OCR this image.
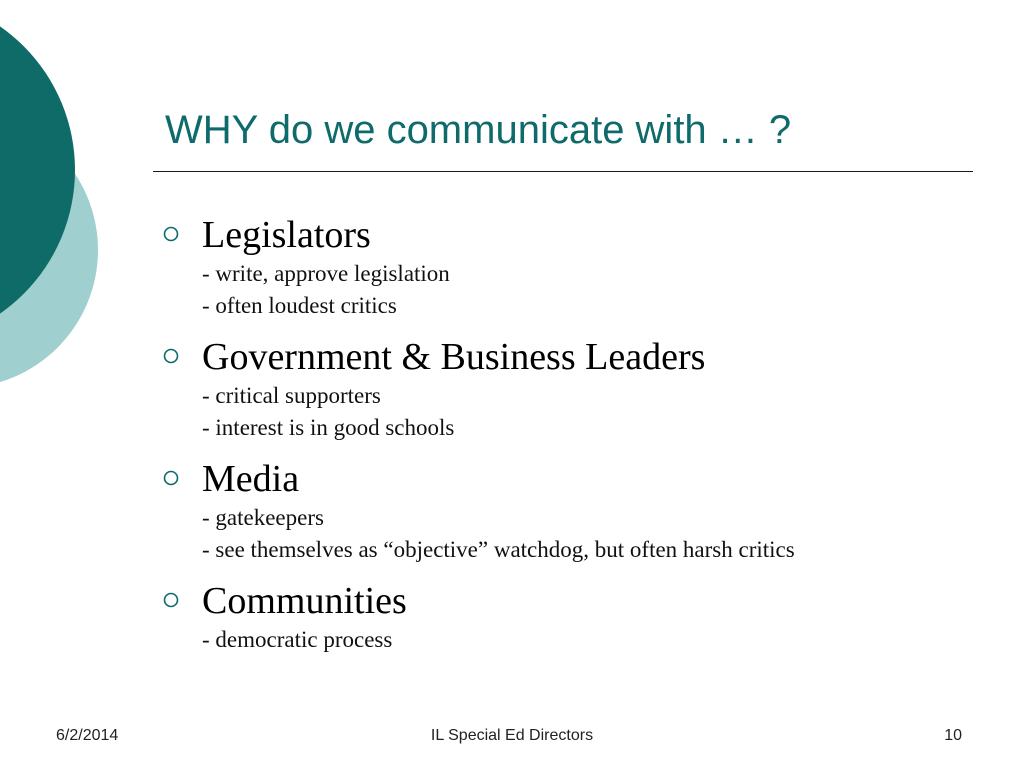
WHY do we communicate with … ?
Legislators
- write, approve legislation
- often loudest critics
Government & Business Leaders
- critical supporters
- interest is in good schools
Media
- gatekeepers
- see themselves as “objective” watchdog, but often harsh critics
Communities
- democratic process
6/2/2014	IL Special Ed Directors	10
